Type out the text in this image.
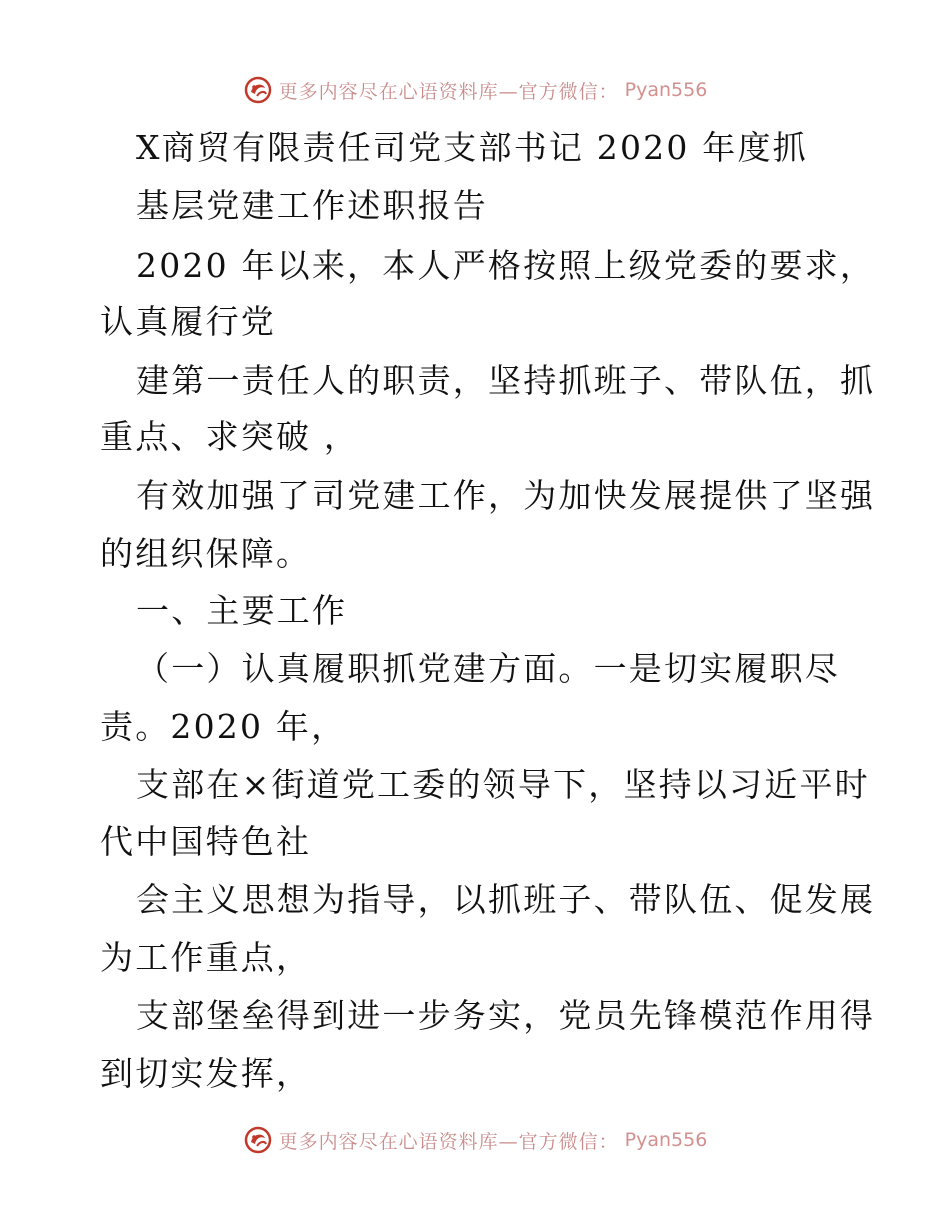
更多内容尽在心语资料库—官方微信： Pyan556
X商贸有限责任司党支部书记 2020 年度抓
基层党建工作述职报告
2020 年以来，本人严格按照上级党委的要求，
认真履行党
建第一责任人的职责，坚持抓班子、带队伍，抓
重点、求突破 ，
有效加强了司党建工作，为加快发展提供了坚强
的组织保障。
一、主要工作
（一）认真履职抓党建方面。一是切实履职尽
责。2020 年，
支部在×街道党工委的领导下，坚持以习近平时
代中国特色社
会主义思想为指导，以抓班子、带队伍、促发展
为工作重点，
支部堡垒得到进一步务实，党员先锋模范作用得
到切实发挥，
更多内容尽在心语资料库—官方微信： Pyan556
